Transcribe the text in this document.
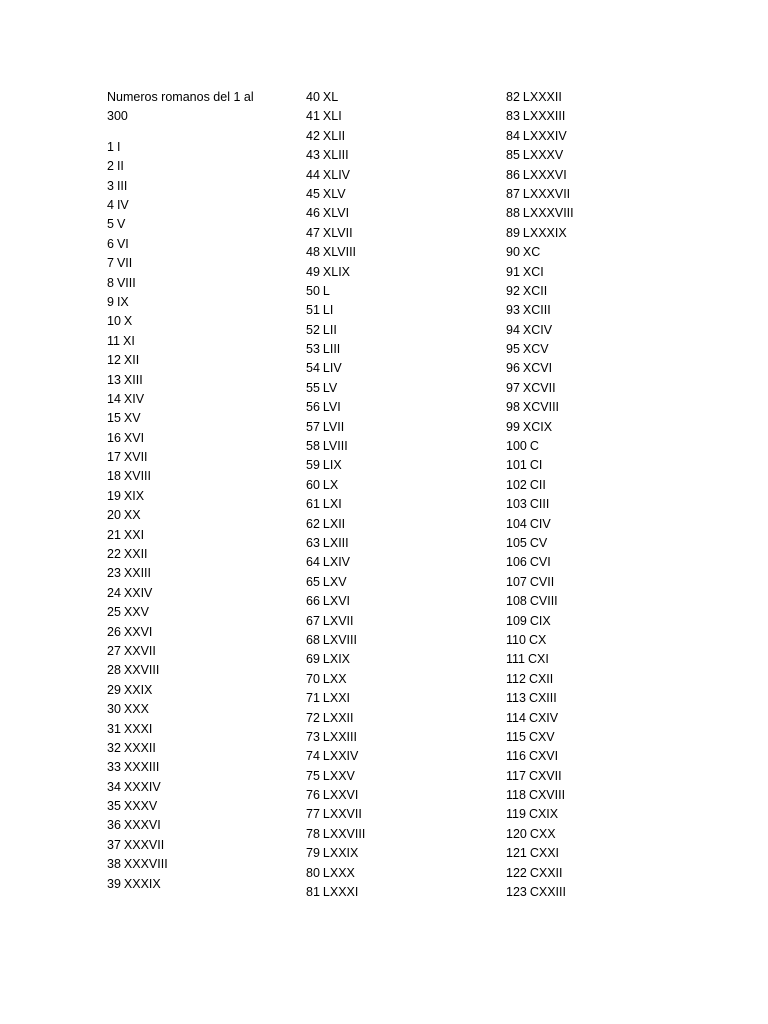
Numeros romanos del 1 al
300
1 I
2 II
3 III
4 IV
5 V
6 VI
7 VII
8 VIII
9 IX
10 X
11 XI
12 XII
13 XIII
14 XIV
15 XV
16 XVI
17 XVII
18 XVIII
19 XIX
20 XX
21 XXI
22 XXII
23 XXIII
24 XXIV
25 XXV
26 XXVI
27 XXVII
28 XXVIII
29 XXIX
30 XXX
31 XXXI
32 XXXII
33 XXXIII
34 XXXIV
35 XXXV
36 XXXVI
37 XXXVII
38 XXXVIII
39 XXXIX
40 XL
41 XLI
42 XLII
43 XLIII
44 XLIV
45 XLV
46 XLVI
47 XLVII
48 XLVIII
49 XLIX
50 L
51 LI
52 LII
53 LIII
54 LIV
55 LV
56 LVI
57 LVII
58 LVIII
59 LIX
60 LX
61 LXI
62 LXII
63 LXIII
64 LXIV
65 LXV
66 LXVI
67 LXVII
68 LXVIII
69 LXIX
70 LXX
71 LXXI
72 LXXII
73 LXXIII
74 LXXIV
75 LXXV
76 LXXVI
77 LXXVII
78 LXXVIII
79 LXXIX
80 LXXX
81 LXXXI
82 LXXXII
83 LXXXIII
84 LXXXIV
85 LXXXV
86 LXXXVI
87 LXXXVII
88 LXXXVIII
89 LXXXIX
90 XC
91 XCI
92 XCII
93 XCIII
94 XCIV
95 XCV
96 XCVI
97 XCVII
98 XCVIII
99 XCIX
100 C
101 CI
102 CII
103 CIII
104 CIV
105 CV
106 CVI
107 CVII
108 CVIII
109 CIX
110 CX
111 CXI
112 CXII
113 CXIII
114 CXIV
115 CXV
116 CXVI
117 CXVII
118 CXVIII
119 CXIX
120 CXX
121 CXXI
122 CXXII
123 CXXIII
